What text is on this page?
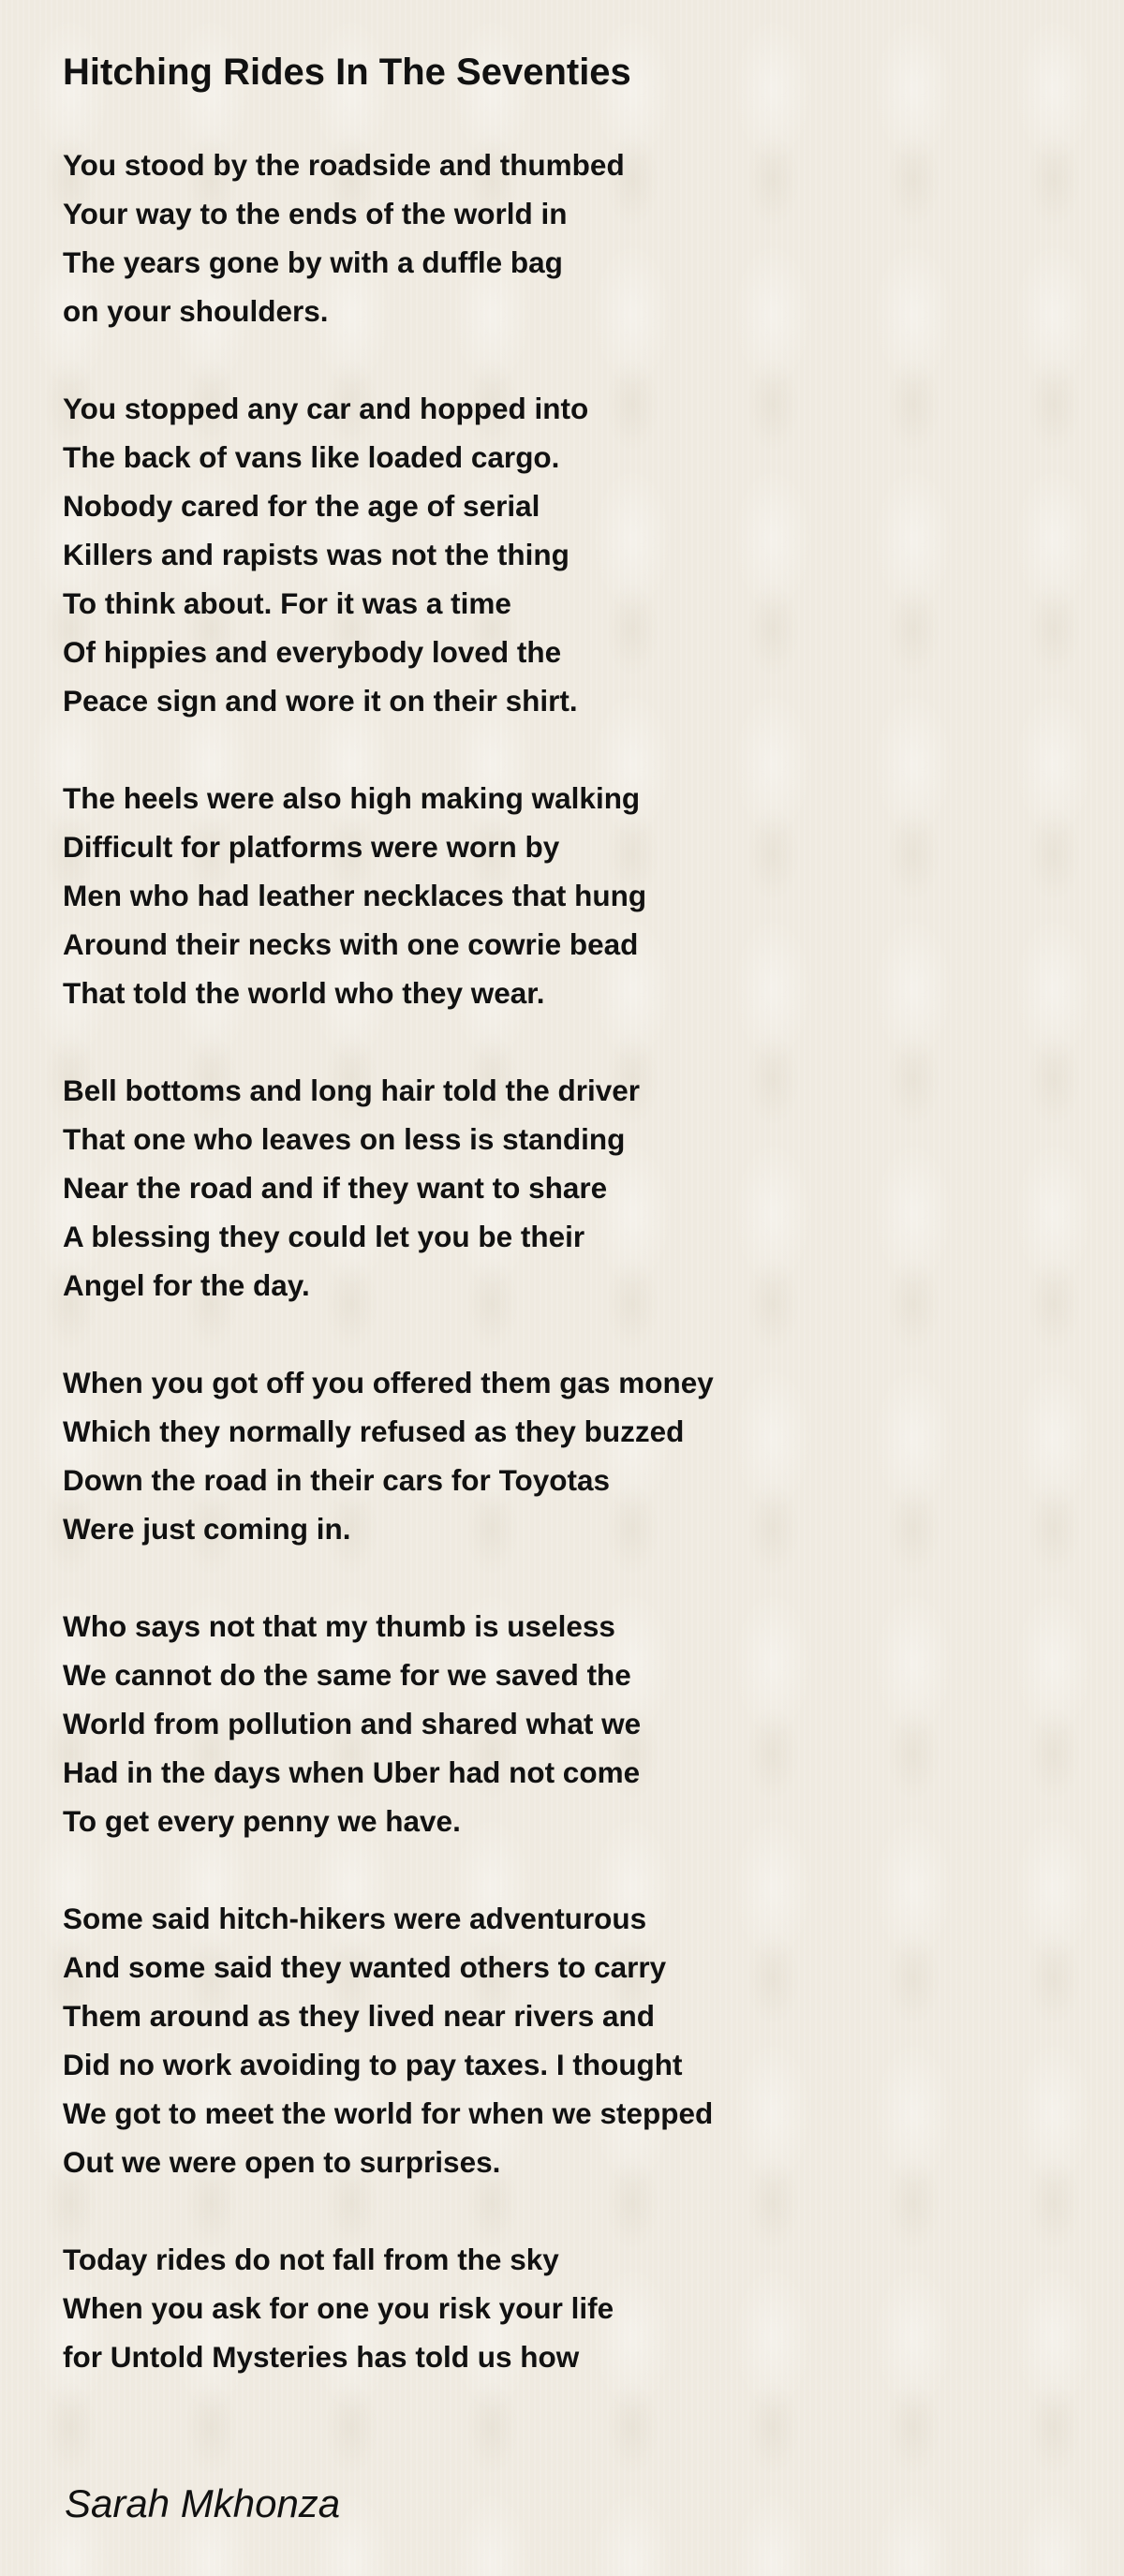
Hitching Rides In The Seventies

You stood by the roadside and thumbed
Your way to the ends of the world in
The years gone by with a duffle bag
on your shoulders.

You stopped any car and hopped into
The back of vans like loaded cargo.
Nobody cared for the age of serial
Killers and rapists was not the thing
To think about. For it was a time
Of hippies and everybody loved the
Peace sign and wore it on their shirt.

The heels were also high making walking
Difficult for platforms were worn by
Men who had leather necklaces that hung
Around their necks with one cowrie bead
That told the world who they wear.

Bell bottoms and long hair told the driver
That one who leaves on less is standing
Near the road and if they want to share
A blessing they could let you be their
Angel for the day.

When you got off you offered them gas money
Which they normally refused as they buzzed
Down the road in their cars for Toyotas
Were just coming in.

Who says not that my thumb is useless
We cannot do the same for we saved the
World from pollution and shared what we
Had in the days when Uber had not come
To get every penny we have.

Some said hitch-hikers were adventurous
And some said they wanted others to carry
Them around as they lived near rivers and
Did no work avoiding to pay taxes. I thought
We got to meet the world for when we stepped
Out we were open to surprises.

Today rides do not fall from the sky
When you ask for one you risk your life
for Untold Mysteries has told us how

Sarah Mkhonza
